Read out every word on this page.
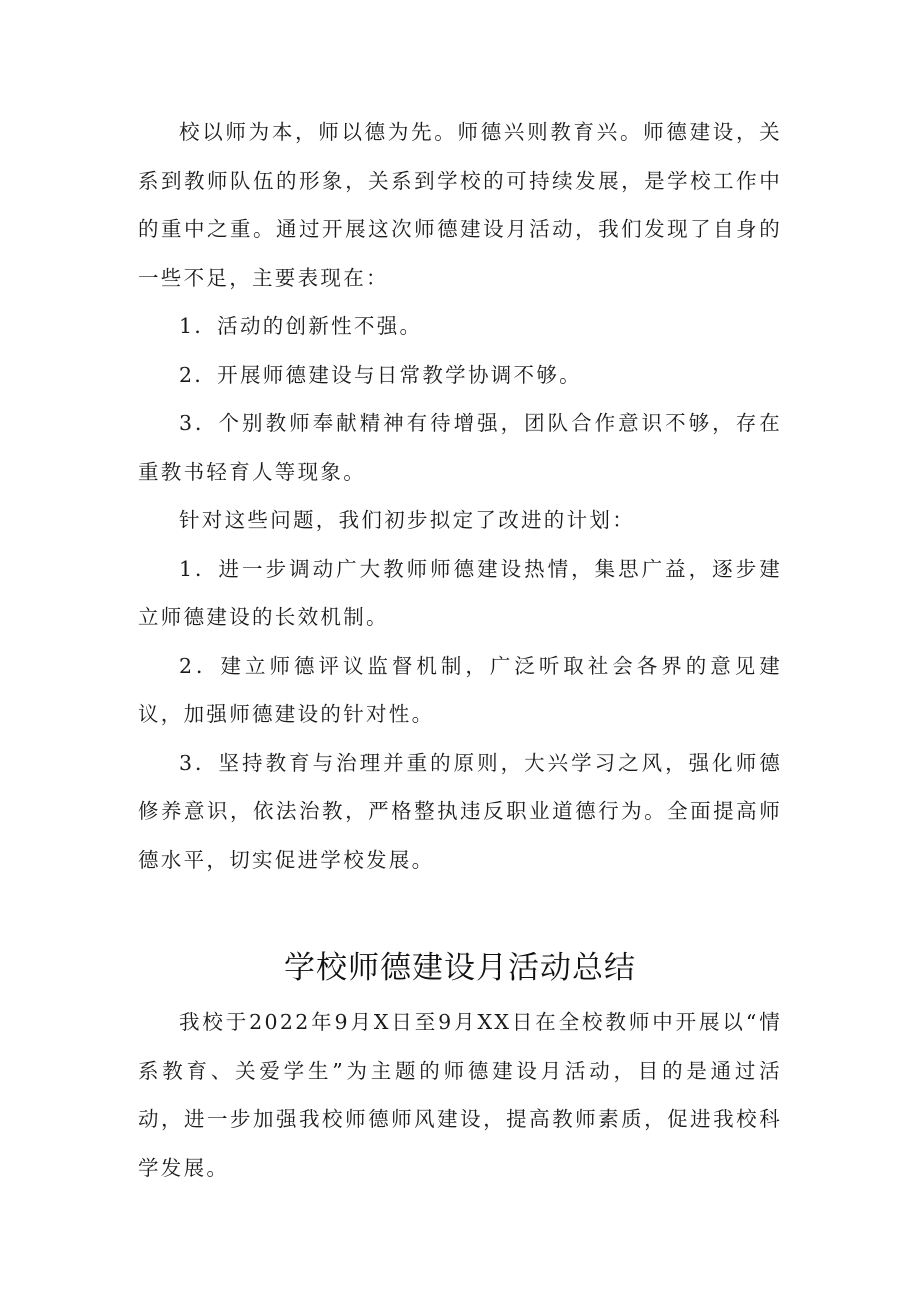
校以师为本，师以德为先。师德兴则教育兴。师德建设，关系到教师队伍的形象，关系到学校的可持续发展，是学校工作中的重中之重。通过开展这次师德建设月活动，我们发现了自身的一些不足，主要表现在：

1．活动的创新性不强。

2．开展师德建设与日常教学协调不够。

3．个别教师奉献精神有待增强，团队合作意识不够，存在重教书轻育人等现象。

针对这些问题，我们初步拟定了改进的计划：

1．进一步调动广大教师师德建设热情，集思广益，逐步建立师德建设的长效机制。

2．建立师德评议监督机制，广泛听取社会各界的意见建议，加强师德建设的针对性。

3．坚持教育与治理并重的原则，大兴学习之风，强化师德修养意识，依法治教，严格整执违反职业道德行为。全面提高师德水平，切实促进学校发展。

学校师德建设月活动总结

我校于2022年9月X日至9月XX日在全校教师中开展以“情系教育、关爱学生”为主题的师德建设月活动，目的是通过活动，进一步加强我校师德师风建设，提高教师素质，促进我校科学发展。
